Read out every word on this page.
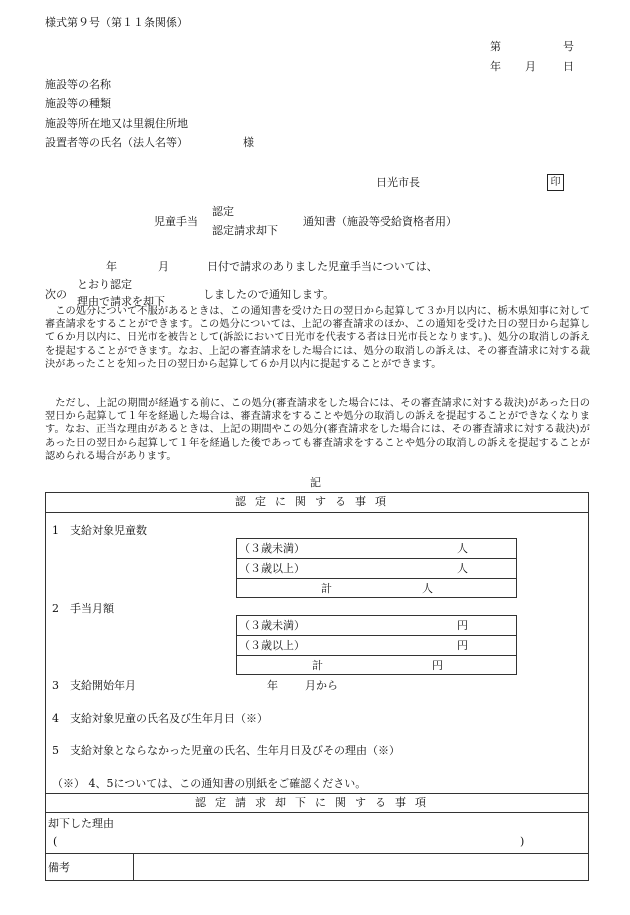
様式第９号（第１１条関係）
第	号
年 月 日
施設等の名称
施設等の種類
施設等所在地又は里親住所地
設置者等の氏名（法人名等）	様
日光市長	印
児童手当
認定
認定請求却下
通知書（施設等受給資格者用）
年	月	日付で請求のありました児童手当については、
次の
とおり認定
理由で請求を却下
しましたので通知します。
この処分について不服があるときは、この通知書を受けた日の翌日から起算して３か月以内に、栃木県知事に対して審査請求をすることができます。この処分については、上記の審査請求のほか、この通知を受けた日の翌日から起算して６か月以内に、日光市を被告として(訴訟において日光市を代表する者は日光市長となります。)、処分の取消しの訴えを提起することができます。なお、上記の審査請求をした場合には、処分の取消しの訴えは、その審査請求に対する裁決があったことを知った日の翌日から起算して６か月以内に提起することができます。
ただし、上記の期間が経過する前に、この処分(審査請求をした場合には、その審査請求に対する裁決)があった日の翌日から起算して１年を経過した場合は、審査請求をすることや処分の取消しの訴えを提起することができなくなります。なお、正当な理由があるときは、上記の期間やこの処分(審査請求をした場合には、その審査請求に対する裁決)があった日の翌日から起算して１年を経過した後であっても審査請求をすることや処分の取消しの訴えを提起することが認められる場合があります。
記
認定に関する事項
1　支給対象児童数
（３歳未満）	人
（３歳以上）	人
計	人
2　手当月額
（３歳未満）	円
（３歳以上）	円
計	円
3　支給開始年月	年 月から
4　支給対象児童の氏名及び生年月日（※）
5　支給対象とならなかった児童の氏名、生年月日及びその理由（※）
（※） 4、5については、この通知書の別紙をご確認ください。
認定請求却下に関する事項
却下した理由
(	)
備考
